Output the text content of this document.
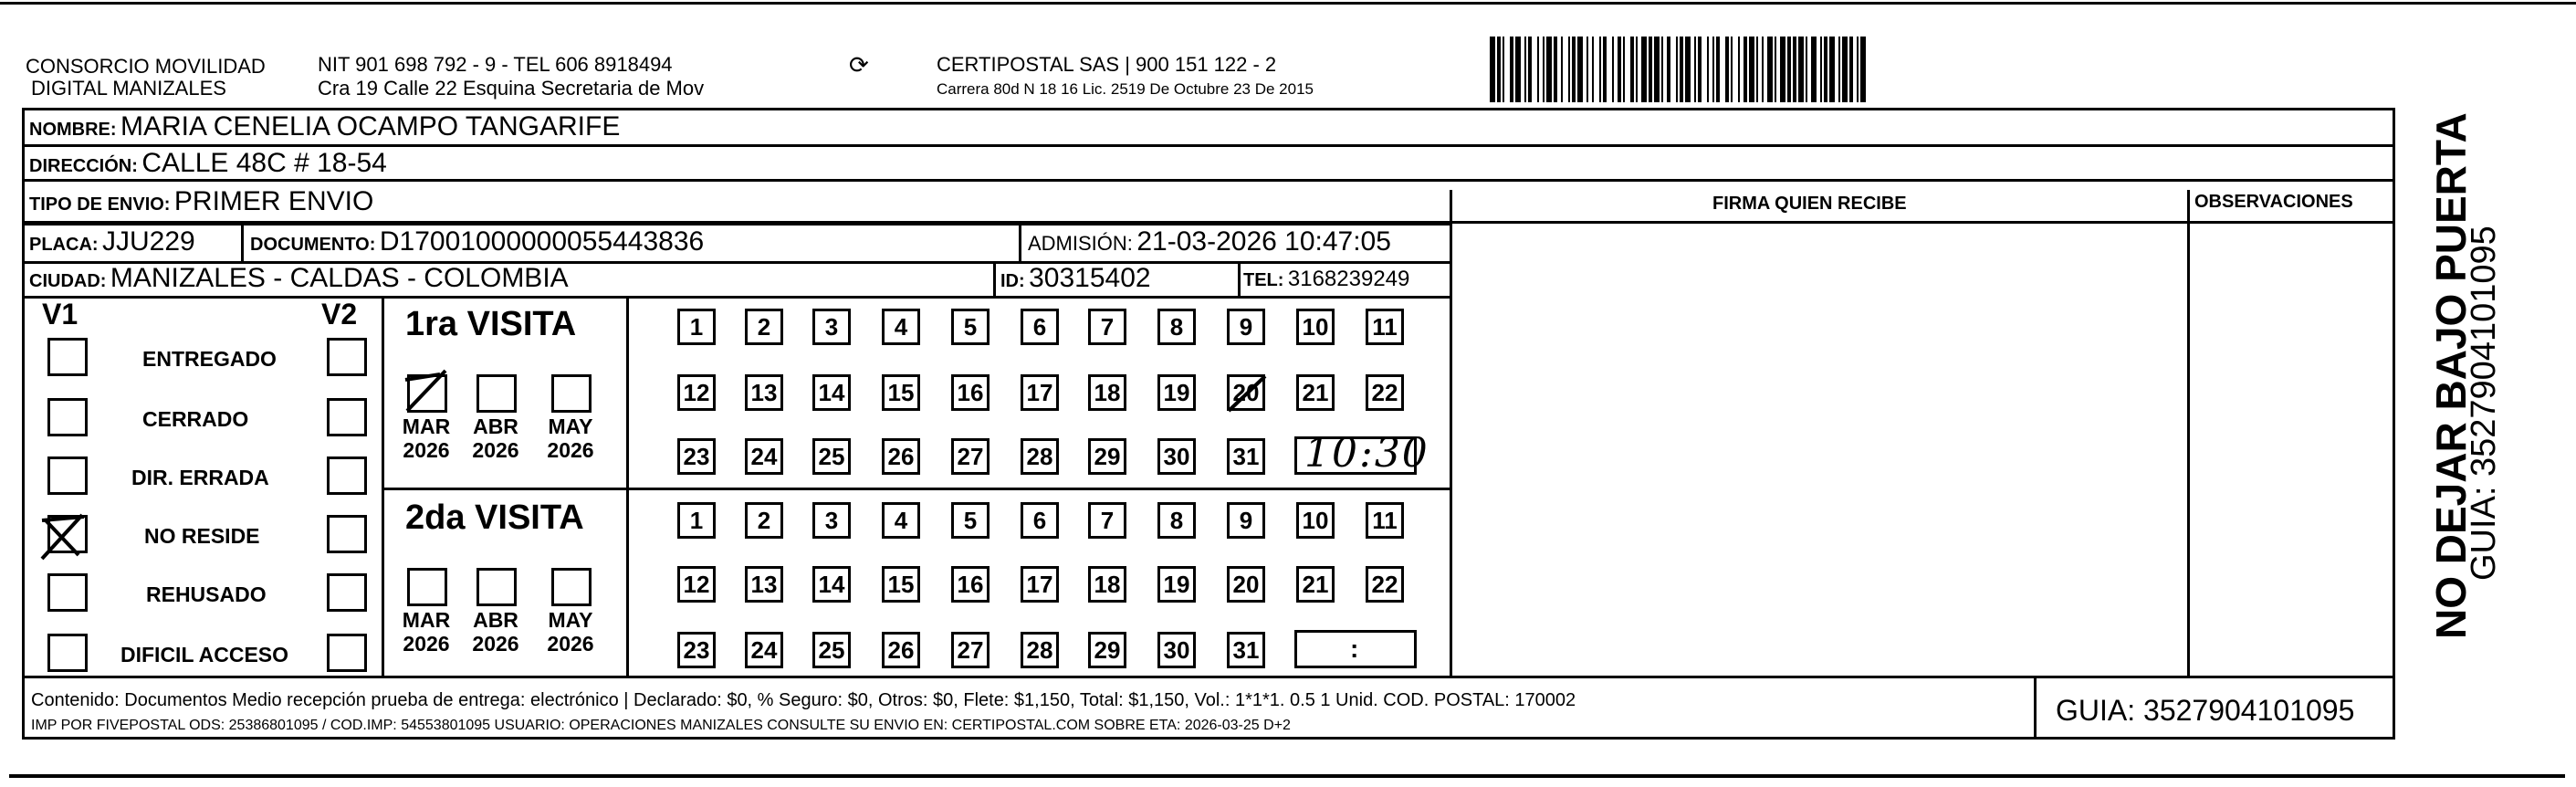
CONSORCIO MOVILIDAD
DIGITAL MANIZALES
NIT 901 698 792 - 9 - TEL 606 8918494
Cra 19 Calle 22 Esquina Secretaria de Mov
⟳	CERTIPOSTAL SAS | 900 151 122 - 2
Carrera 80d N 18 16 Lic. 2519 De Octubre 23 De 2015
NOMBRE: MARIA CENELIA OCAMPO TANGARIFE
DIRECCIÓN: CALLE 48C # 18-54
TIPO DE ENVIO: PRIMER ENVIO	FIRMA QUIEN RECIBE	OBSERVACIONES
PLACA: JJU229	DOCUMENTO: D17001000000055443836	ADMISIÓN: 21-03-2026 10:47:05
CIUDAD: MANIZALES - CALDAS - COLOMBIA	ID: 30315402	TEL: 3168239249
V1	V2
ENTREGADO
CERRADO
DIR. ERRADA
NO RESIDE
REHUSADO
DIFICIL ACCESO
1ra VISITA
2da VISITA
MAR
2026
ABR
2026
MAY
2026
MAR
2026
ABR
2026
MAY
2026
1	2	3	4	5	6	7	8	9	10 11
12 13 14 15 16 17 18 19 20 21 22
23 24 25 26 27 28 29 30 31
1	2	3	4	5	6	7	8	9	10 11
12 13 14 15 16 17 18 19 20 21 22
23 24 25 26 27 28 29 30 31
10:30
:
Contenido: Documentos Medio recepción prueba de entrega: electrónico | Declarado: $0, % Seguro: $0, Otros: $0, Flete: $1,150, Total: $1,150, Vol.: 1*1*1. 0.5 1 Unid. COD. POSTAL: 170002
IMP POR FIVEPOSTAL ODS: 25386801095 / COD.IMP: 54553801095 USUARIO: OPERACIONES MANIZALES CONSULTE SU ENVIO EN: CERTIPOSTAL.COM SOBRE ETA: 2026-03-25 D+2	GUIA: 3527904101095
NO DEJAR BAJO PUERTA
GUIA: 3527904101095
